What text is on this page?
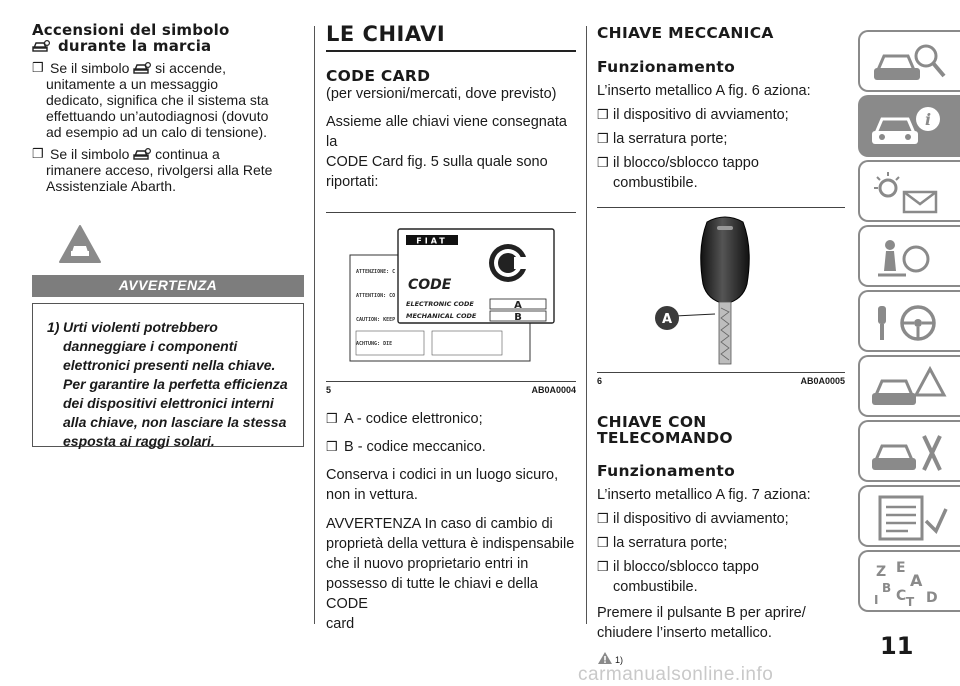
Accensioni del simbolo
durante la marcia
❒ Se il simbolo si accende,
unitamente a un messaggio
dedicato, significa che il sistema sta
effettuando un’autodiagnosi (dovuto
ad esempio ad un calo di tensione).
❒ Se il simbolo continua a
rimanere acceso, rivolgersi alla Rete
Assistenziale Abarth.
AVVERTENZA
1) Urti violenti potrebbero
danneggiare i componenti
elettronici presenti nella chiave.
Per garantire la perfetta efficienza
dei dispositivi elettronici interni
alla chiave, non lasciare la stessa
esposta ai raggi solari.
LE CHIAVI
CODE CARD
(per versioni/mercati, dove previsto)
Assieme alle chiavi viene consegnata la
CODE Card fig. 5 sulla quale sono
riportati:
ATTENZIONE: C
ATTENTION: CO
CAUTION: KEEP
ACHTUNG: DIE
FIAT
CODE
ELECTRONIC CODE
MECHANICAL CODE
A
B
5	AB0A0004
❒ A - codice elettronico;
❒ B - codice meccanico.
Conserva i codici in un luogo sicuro,
non in vettura.
AVVERTENZA In caso di cambio di
proprietà della vettura è indispensabile
che il nuovo proprietario entri in
possesso di tutte le chiavi e della CODE
card
CHIAVE MECCANICA
Funzionamento
L’inserto metallico A fig. 6 aziona:
❒ il dispositivo di avviamento;
❒ la serratura porte;
❒ il blocco/sblocco tappo combustibile.
A
6	AB0A0005
CHIAVE CON
TELECOMANDO
Funzionamento
L’inserto metallico A fig. 7 aziona:
❒ il dispositivo di avviamento;
❒ la serratura porte;
❒ il blocco/sblocco tappo combustibile.
Premere il pulsante B per aprire/
chiudere l’inserto metallico.
1)
i
Z E
A
B C
I T D
11
carmanualsonline.info
